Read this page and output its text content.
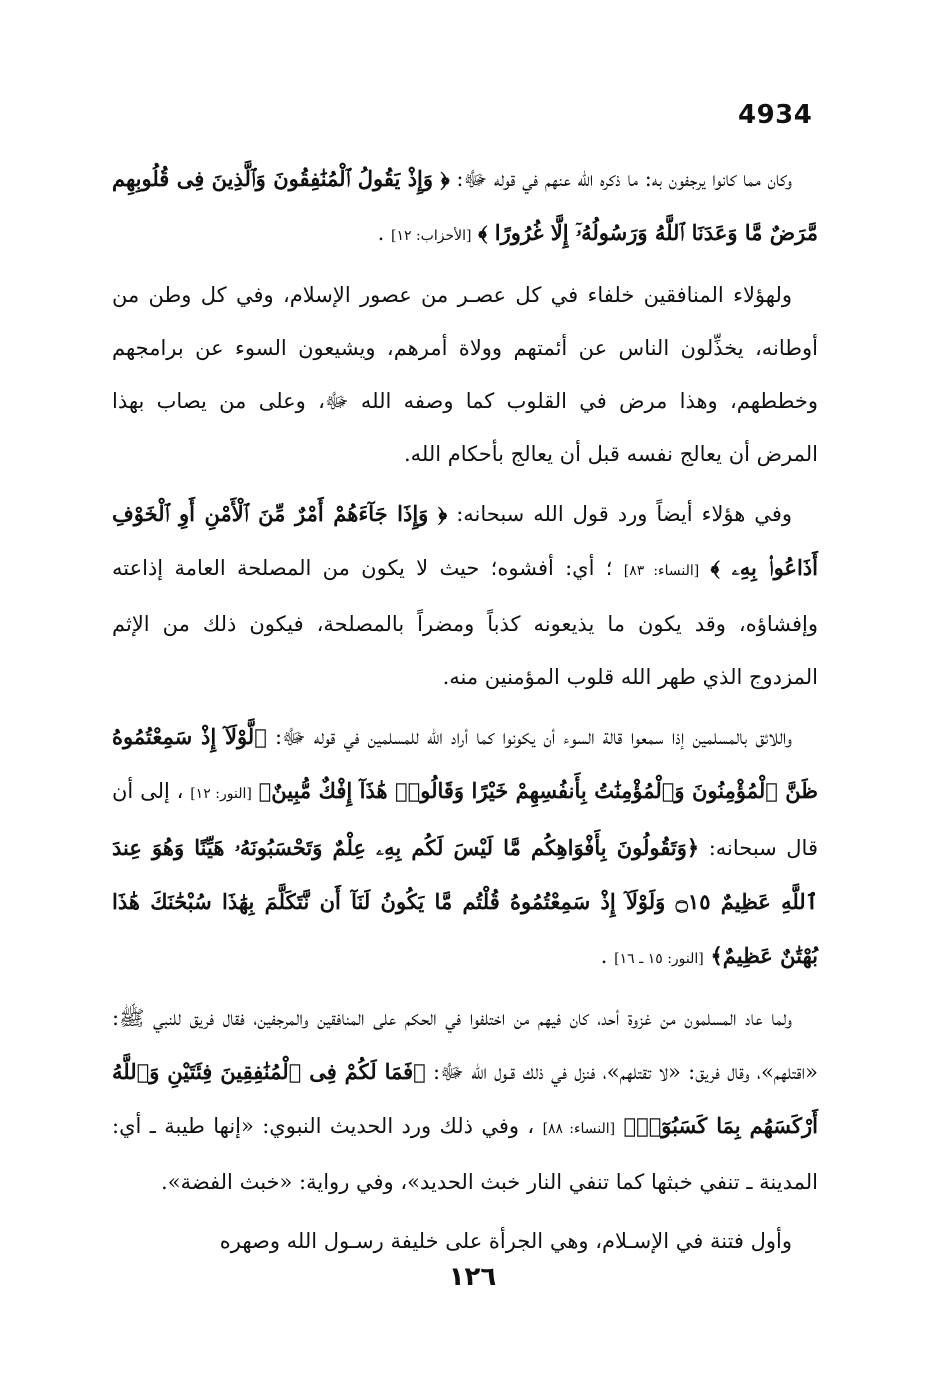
4934

وكان مما كانوا يرجفون به: ما ذكره الله عنهم في قوله ﷻ: ﴿ وَإِذْ يَقُولُ ٱلْمُنَٰفِقُونَ وَٱلَّذِينَ فِى قُلُوبِهِم مَّرَضٌ مَّا وَعَدَنَا ٱللَّهُ وَرَسُولُهُۥٓ إِلَّا غُرُورًا ﴾ [الأحزاب: ١٢] .

ولهؤلاء المنافقين خلفاء في كل عصـر من عصور الإسلام، وفي كل وطن من أوطانه، يخذِّلون الناس عن أئمتهم وولاة أمرهم، ويشيعون السوء عن برامجهم وخططهم، وهذا مرض في القلوب كما وصفه الله ﷻ، وعلى من يصاب بهذا المرض أن يعالج نفسه قبل أن يعالج بأحكام الله.

وفي هؤلاء أيضاً ورد قول الله سبحانه: ﴿ وَإِذَا جَآءَهُمْ أَمْرٌ مِّنَ ٱلْأَمْنِ أَوِ ٱلْخَوْفِ أَذَاعُوا۟ بِهِۦ ﴾ [النساء: ٨٣] ؛ أي: أفشوه؛ حيث لا يكون من المصلحة العامة إذاعته وإفشاؤه، وقد يكون ما يذيعونه كذباً ومضراً بالمصلحة، فيكون ذلك من الإثم المزدوج الذي طهر الله قلوب المؤمنين منه.

واللائق بالمسلمين إذا سمعوا قالة السوء أن يكونوا كما أراد الله للمسلمين في قوله ﷻ: ﴿لَّوْلَآ إِذْ سَمِعْتُمُوهُ ظَنَّ ٱلْمُؤْمِنُونَ وَٱلْمُؤْمِنَٰتُ بِأَنفُسِهِمْ خَيْرًا وَقَالُوا۟ هَٰذَآ إِفْكٌ مُّبِينٌ﴾ [النور: ١٢] ، إلى أن قال سبحانه: ﴿وَتَقُولُونَ بِأَفْوَاهِكُم مَّا لَيْسَ لَكُم بِهِۦ عِلْمٌ وَتَحْسَبُونَهُۥ هَيِّنًا وَهُوَ عِندَ ٱللَّهِ عَظِيمٌ ۝١٥ وَلَوْلَآ إِذْ سَمِعْتُمُوهُ قُلْتُم مَّا يَكُونُ لَنَآ أَن نَّتَكَلَّمَ بِهَٰذَا سُبْحَٰنَكَ هَٰذَا بُهْتَٰنٌ عَظِيمٌ﴾ [النور: ١٥ ـ ١٦] .

ولما عاد المسلمون من غزوة أحد، كان فيهم من اختلفوا في الحكم على المنافقين والمرجفين، فقال فريق للنبي ﷺ: «اقتلهم»، وقال فريق: «لا تقتلهم»، فنزل في ذلك قـول الله ﷻ: ﴿فَمَا لَكُمْ فِى ٱلْمُنَٰفِقِينَ فِئَتَيْنِ وَٱللَّهُ أَرْكَسَهُم بِمَا كَسَبُوٓا۟﴾ [النساء: ٨٨] ، وفي ذلك ورد الحديث النبوي: «إنها طيبة ـ أي: المدينة ـ تنفي خبثها كما تنفي النار خبث الحديد»، وفي رواية: «خبث الفضة».

وأول فتنة في الإسـلام، وهي الجرأة على خليفة رسـول الله وصهره

١٢٦
